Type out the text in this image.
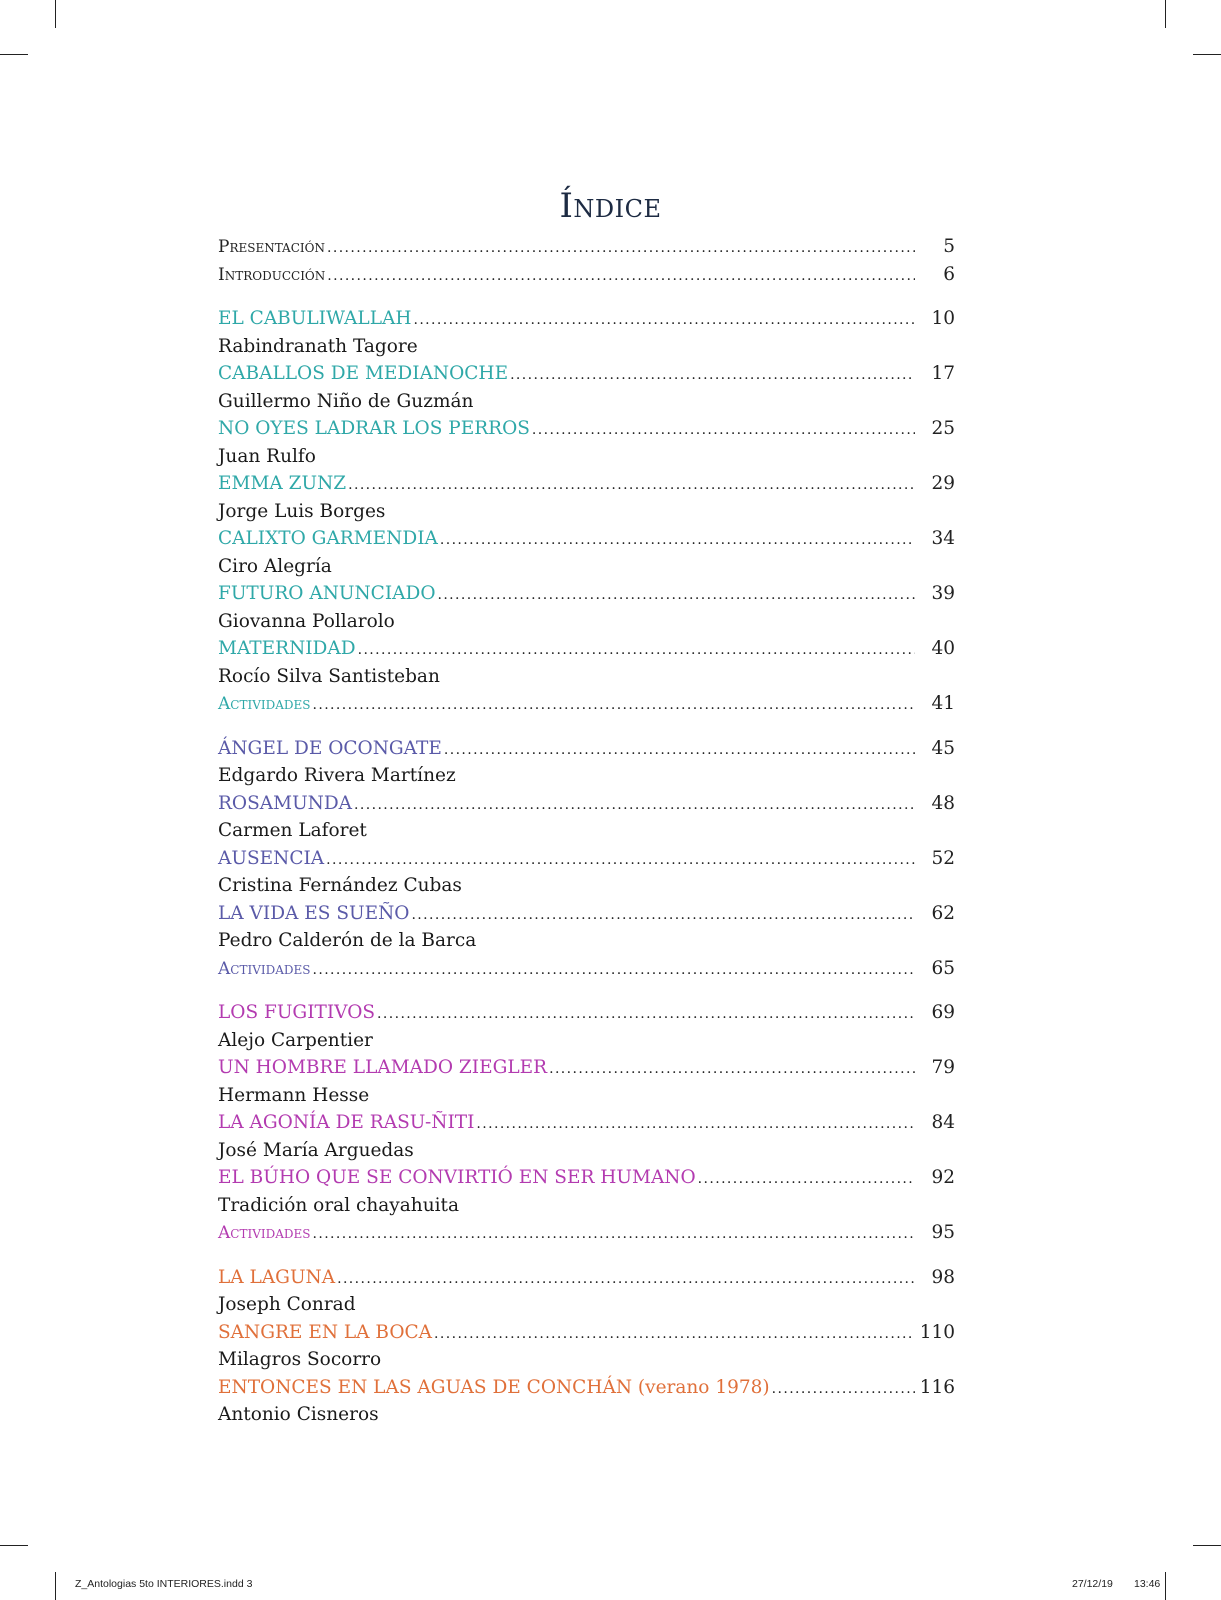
Índice
Presentación .....	5
Introducción .....	6
EL CABULIWALLAH .....	10
Rabindranath Tagore
CABALLOS DE MEDIANOCHE .....	17
Guillermo Niño de Guzmán
NO OYES LADRAR LOS PERROS .....	25
Juan Rulfo
EMMA ZUNZ .....	29
Jorge Luis Borges
CALIXTO GARMENDIA .....	34
Ciro Alegría
FUTURO ANUNCIADO .....	39
Giovanna Pollarolo
MATERNIDAD .....	40
Rocío Silva Santisteban
Actividades .....	41
ÁNGEL DE OCONGATE .....	45
Edgardo Rivera Martínez
ROSAMUNDA .....	48
Carmen Laforet
AUSENCIA .....	52
Cristina Fernández Cubas
LA VIDA ES SUEÑO .....	62
Pedro Calderón de la Barca
Actividades .....	65
LOS FUGITIVOS .....	69
Alejo Carpentier
UN HOMBRE LLAMADO ZIEGLER .....	79
Hermann Hesse
LA AGONÍA DE RASU-ÑITI .....	84
José María Arguedas
EL BÚHO QUE SE CONVIRTIÓ EN SER HUMANO .....	92
Tradición oral chayahuita
Actividades .....	95
LA LAGUNA .....	98
Joseph Conrad
SANGRE EN LA BOCA .....	110
Milagros Socorro
ENTONCES EN LAS AGUAS DE CONCHÁN (verano 1978) .....	116
Antonio Cisneros
Z_Antologias 5to INTERIORES.indd 3	27/12/19 13:46
